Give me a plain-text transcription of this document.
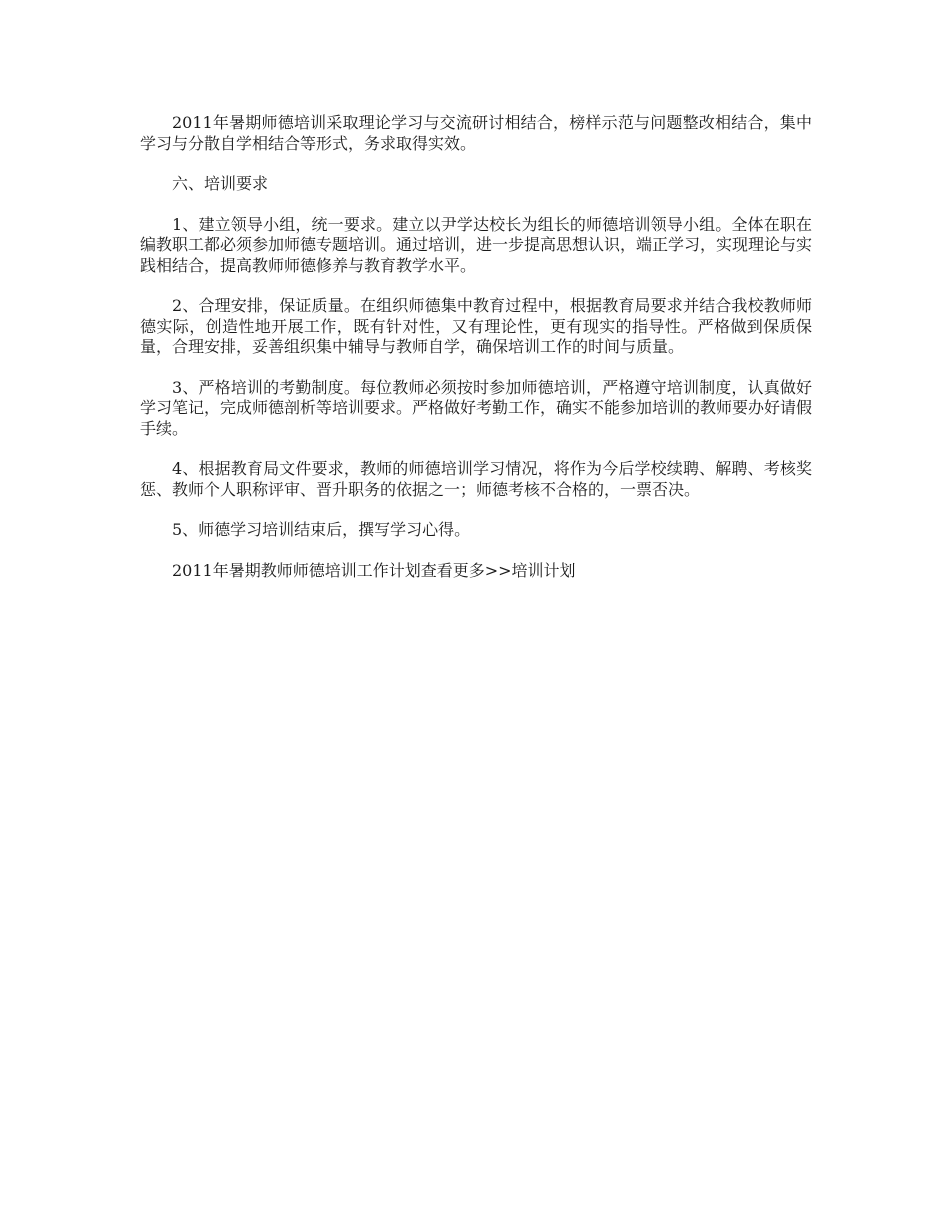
2011年暑期师德培训采取理论学习与交流研讨相结合，榜样示范与问题整改相结合，集中学习与分散自学相结合等形式，务求取得实效。

六、培训要求

1、建立领导小组，统一要求。建立以尹学达校长为组长的师德培训领导小组。全体在职在编教职工都必须参加师德专题培训。通过培训，进一步提高思想认识，端正学习，实现理论与实践相结合，提高教师师德修养与教育教学水平。

2、合理安排，保证质量。在组织师德集中教育过程中，根据教育局要求并结合我校教师师德实际，创造性地开展工作，既有针对性，又有理论性，更有现实的指导性。严格做到保质保量，合理安排，妥善组织集中辅导与教师自学，确保培训工作的时间与质量。

3、严格培训的考勤制度。每位教师必须按时参加师德培训，严格遵守培训制度，认真做好学习笔记，完成师德剖析等培训要求。严格做好考勤工作，确实不能参加培训的教师要办好请假手续。

4、根据教育局文件要求，教师的师德培训学习情况，将作为今后学校续聘、解聘、考核奖惩、教师个人职称评审、晋升职务的依据之一；师德考核不合格的，一票否决。

5、师德学习培训结束后，撰写学习心得。

2011年暑期教师师德培训工作计划查看更多>>培训计划
